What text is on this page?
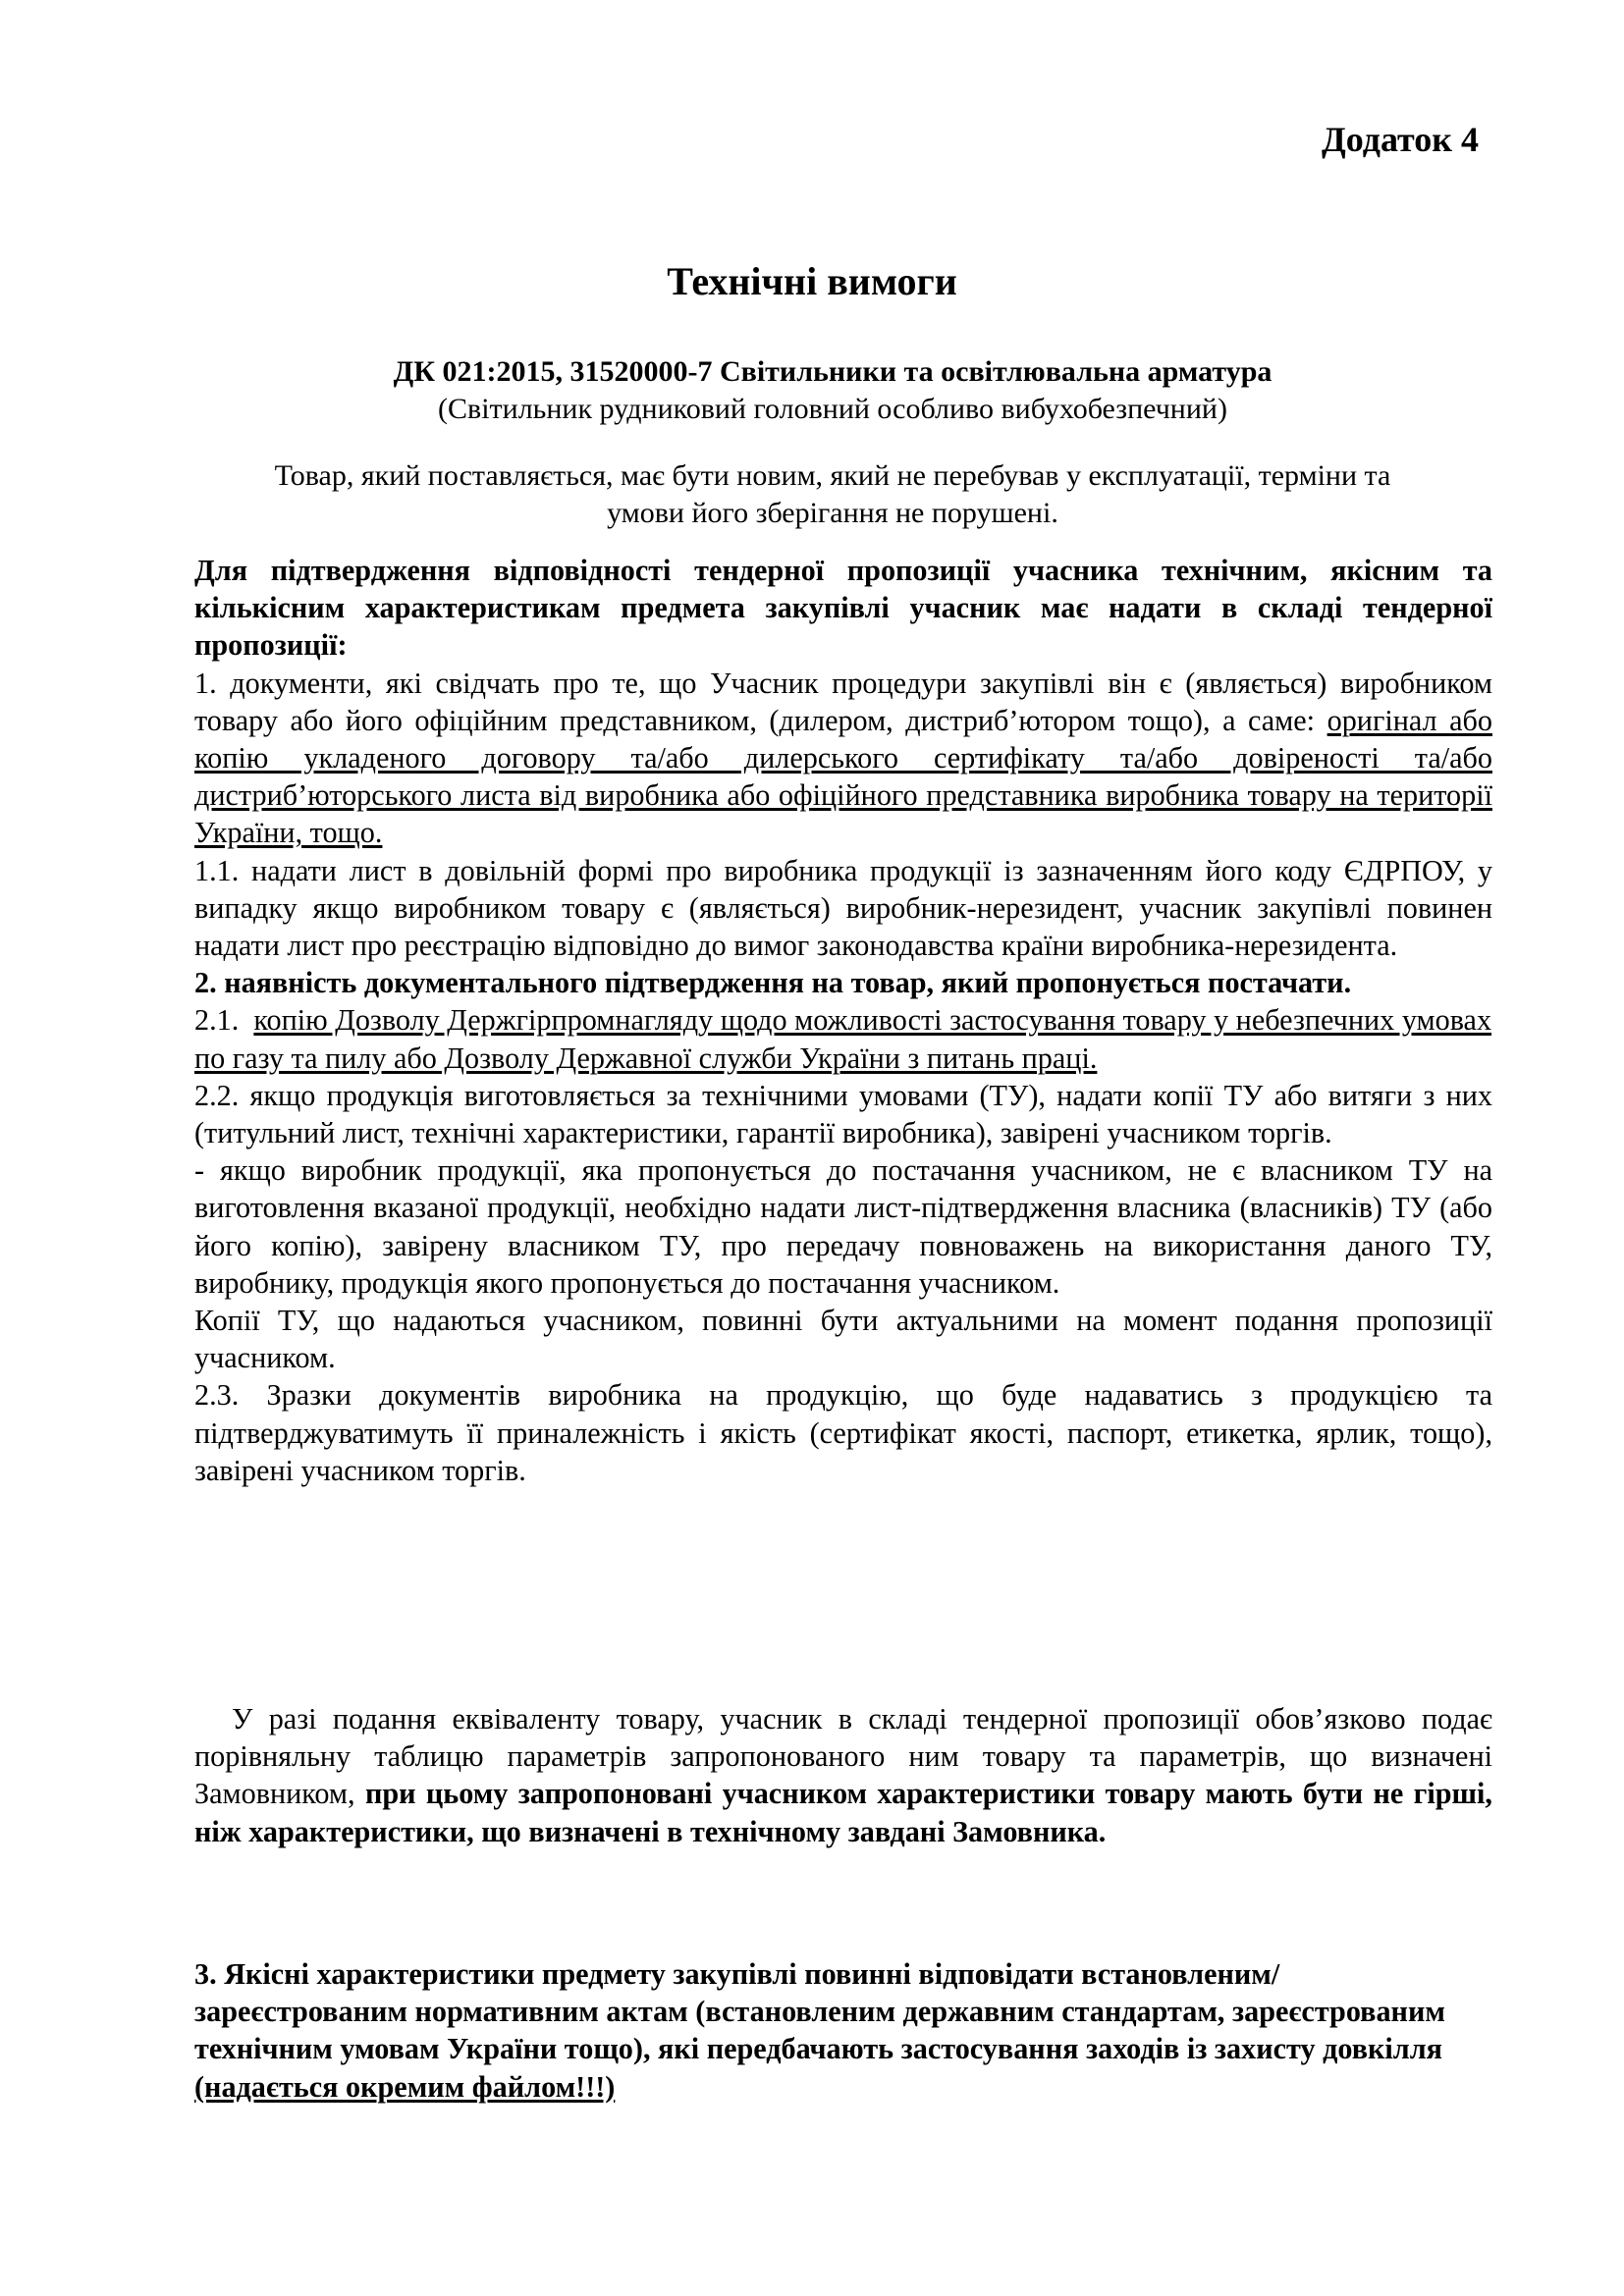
Додаток 4

Технічні вимоги

ДК 021:2015, 31520000-7 Світильники та освітлювальна арматура

(Світильник рудниковий головний особливо вибухобезпечний)

Товар, який поставляється, має бути новим, який не перебував у експлуатації, терміни та

умови його зберігання не порушені.

Для підтвердження відповідності тендерної пропозиції учасника технічним, якісним та кількісним характеристикам предмета закупівлі учасник має надати в складі тендерної пропозиції:

1. документи, які свідчать про те, що Учасник процедури закупівлі він є (являється) виробником товару або його офіційним представником, (дилером, дистриб’ютором тощо), а саме: оригінал або копію укладеного договору та/або дилерського сертифікату та/або довіреності та/або дистриб’юторського листа від виробника або офіційного представника виробника товару на території України, тощо.

1.1. надати лист в довільній формі про виробника продукції із зазначенням його коду ЄДРПОУ, у випадку якщо виробником товару є (являється) виробник-нерезидент, учасник закупівлі повинен надати лист про реєстрацію відповідно до вимог законодавства країни виробника-нерезидента.

2. наявність документального підтвердження на товар, який пропонується постачати.

2.1.  копію Дозволу Держгірпромнагляду щодо можливості застосування товару у небезпечних умовах по газу та пилу або Дозволу Державної служби України з питань праці.

2.2. якщо продукція виготовляється за технічними умовами (ТУ), надати копії ТУ або витяги з них (титульний лист, технічні характеристики, гарантії виробника), завірені учасником торгів.

- якщо виробник продукції, яка пропонується до постачання учасником, не є власником ТУ на виготовлення вказаної продукції, необхідно надати лист-підтвердження власника (власників) ТУ (або його копію), завірену власником ТУ, про передачу повноважень на використання даного ТУ, виробнику, продукція якого пропонується до постачання учасником.

Копії ТУ, що надаються учасником, повинні бути актуальними на момент подання пропозиції учасником.

2.3. Зразки документів виробника на продукцію, що буде надаватись з продукцією та підтверджуватимуть її приналежність і якість (сертифікат якості, паспорт, етикетка, ярлик, тощо), завірені учасником торгів.

У разі подання еквіваленту товару, учасник в складі тендерної пропозиції обов’язково подає порівняльну таблицю параметрів запропонованого ним товару та параметрів, що визначені Замовником, при цьому запропоновані учасником характеристики товару мають бути не гірші, ніж характеристики, що визначені в технічному завдані Замовника.

3. Якісні характеристики предмету закупівлі повинні відповідати встановленим/зареєстрованим нормативним актам (встановленим державним стандартам, зареєстрованим технічним умовам України тощо), які передбачають застосування заходів із захисту довкілля (надається окремим файлом!!!)
